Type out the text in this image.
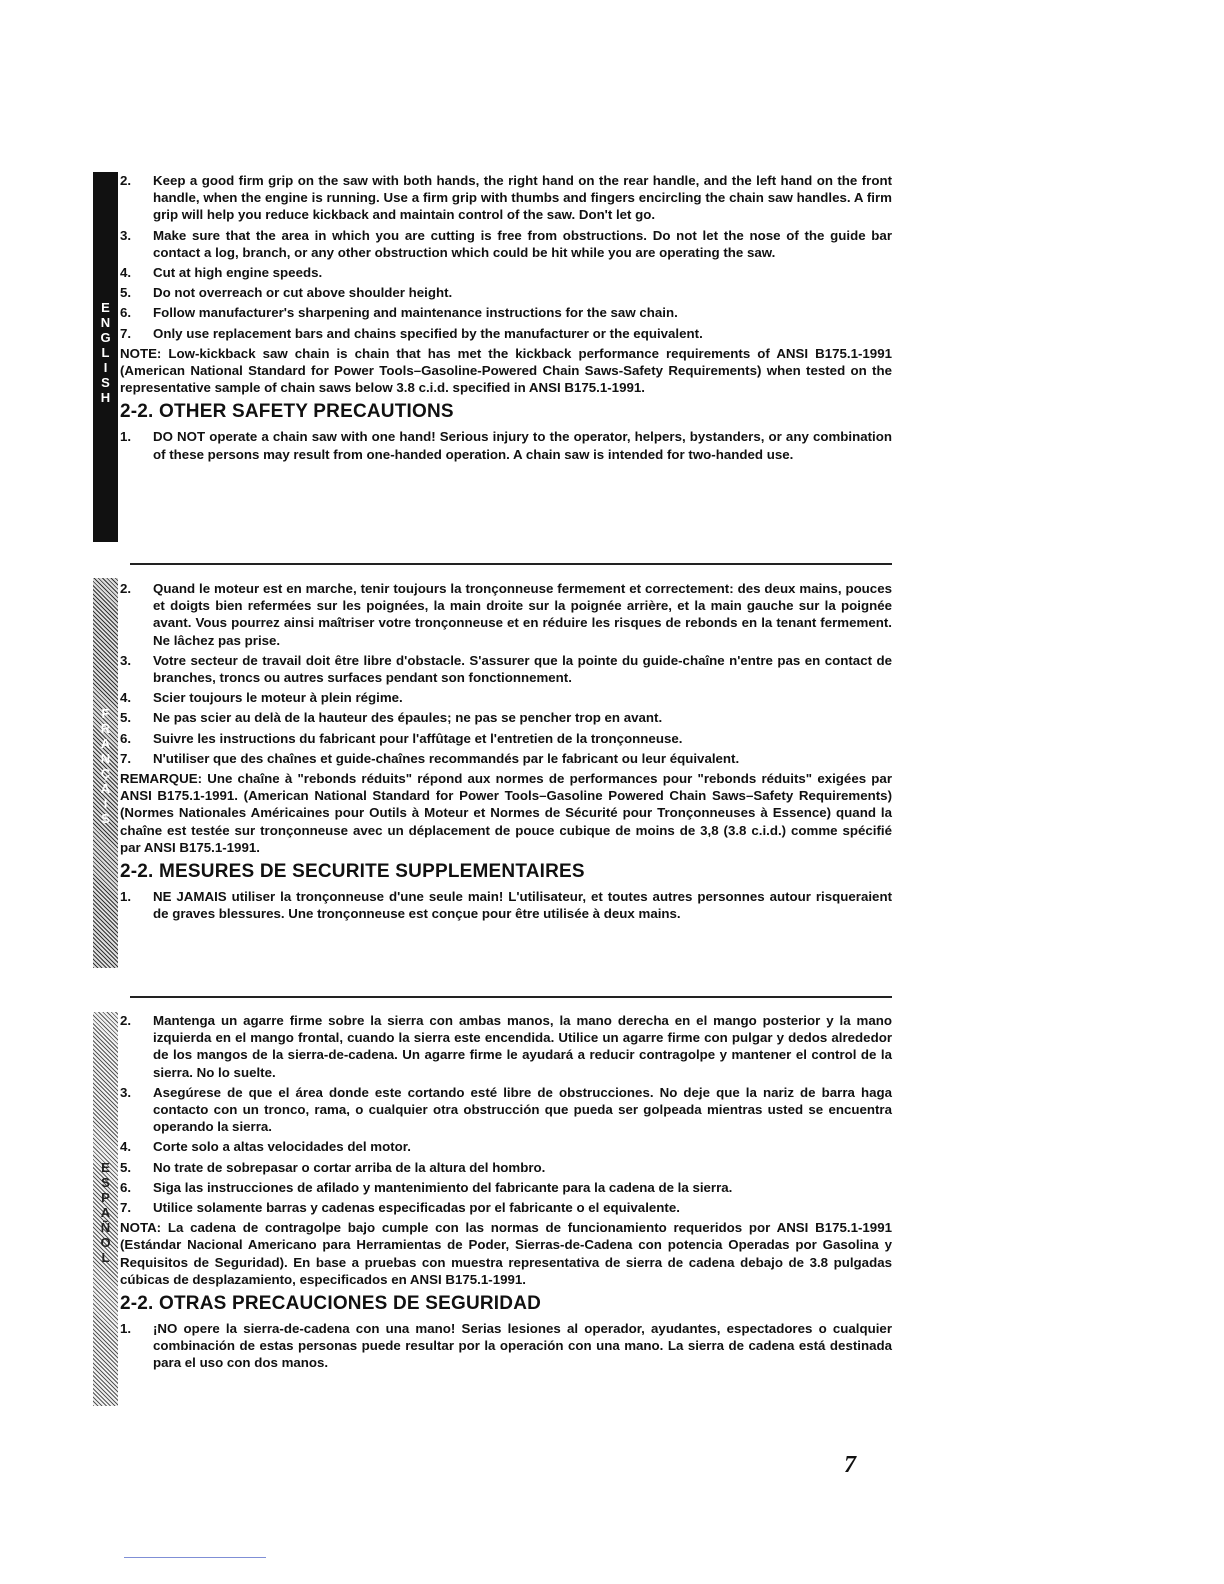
E
N
G
L
I
S
H
F
R
A
N
Ç
A
I
S
E
S
P
A
Ñ
O
L
2. Keep a good firm grip on the saw with both hands, the right hand on the rear handle, and the left hand on the front handle, when the engine is running. Use a firm grip with thumbs and fingers encircling the chain saw handles. A firm grip will help you reduce kickback and maintain control of the saw. Don't let go.
3. Make sure that the area in which you are cutting is free from obstructions. Do not let the nose of the guide bar contact a log, branch, or any other obstruction which could be hit while you are operating the saw.
4. Cut at high engine speeds.
5. Do not overreach or cut above shoulder height.
6. Follow manufacturer's sharpening and maintenance instructions for the saw chain.
7. Only use replacement bars and chains specified by the manufacturer or the equivalent.
NOTE: Low-kickback saw chain is chain that has met the kickback performance requirements of ANSI B175.1-1991 (American National Standard for Power Tools–Gasoline-Powered Chain Saws-Safety Requirements) when tested on the representative sample of chain saws below 3.8 c.i.d. specified in ANSI B175.1-1991.
2-2. OTHER SAFETY PRECAUTIONS
1. DO NOT operate a chain saw with one hand! Serious injury to the operator, helpers, bystanders, or any combination of these persons may result from one-handed operation. A chain saw is intended for two-handed use.
2. Quand le moteur est en marche, tenir toujours la tronçonneuse fermement et correctement: des deux mains, pouces et doigts bien refermées sur les poignées, la main droite sur la poignée arrière, et la main gauche sur la poignée avant. Vous pourrez ainsi maîtriser votre tronçonneuse et en réduire les risques de rebonds en la tenant fermement. Ne lâchez pas prise.
3. Votre secteur de travail doit être libre d'obstacle. S'assurer que la pointe du guide-chaîne n'entre pas en contact de branches, troncs ou autres surfaces pendant son fonctionnement.
4. Scier toujours le moteur à plein régime.
5. Ne pas scier au delà de la hauteur des épaules; ne pas se pencher trop en avant.
6. Suivre les instructions du fabricant pour l'affûtage et l'entretien de la tronçonneuse.
7. N'utiliser que des chaînes et guide-chaînes recommandés par le fabricant ou leur équivalent.
REMARQUE: Une chaîne à "rebonds réduits" répond aux normes de performances pour "rebonds réduits" exigées par ANSI B175.1-1991. (American National Standard for Power Tools–Gasoline Powered Chain Saws–Safety Requirements) (Normes Nationales Américaines pour Outils à Moteur et Normes de Sécurité pour Tronçonneuses à Essence) quand la chaîne est testée sur tronçonneuse avec un déplacement de pouce cubique de moins de 3,8 (3.8 c.i.d.) comme spécifié par ANSI B175.1-1991.
2-2. MESURES DE SECURITE SUPPLEMENTAIRES
1. NE JAMAIS utiliser la tronçonneuse d'une seule main! L'utilisateur, et toutes autres personnes autour risqueraient de graves blessures. Une tronçonneuse est conçue pour être utilisée à deux mains.
2. Mantenga un agarre firme sobre la sierra con ambas manos, la mano derecha en el mango posterior y la mano izquierda en el mango frontal, cuando la sierra este encendida. Utilice un agarre firme con pulgar y dedos alrededor de los mangos de la sierra-de-cadena. Un agarre firme le ayudará a reducir contragolpe y mantener el control de la sierra. No lo suelte.
3. Asegúrese de que el área donde este cortando esté libre de obstrucciones. No deje que la nariz de barra haga contacto con un tronco, rama, o cualquier otra obstrucción que pueda ser golpeada mientras usted se encuentra operando la sierra.
4. Corte solo a altas velocidades del motor.
5. No trate de sobrepasar o cortar arriba de la altura del hombro.
6. Siga las instrucciones de afilado y mantenimiento del fabricante para la cadena de la sierra.
7. Utilice solamente barras y cadenas especificadas por el fabricante o el equivalente.
NOTA: La cadena de contragolpe bajo cumple con las normas de funcionamiento requeridos por ANSI B175.1-1991 (Estándar Nacional Americano para Herramientas de Poder, Sierras-de-Cadena con potencia Operadas por Gasolina y Requisitos de Seguridad). En base a pruebas con muestra representativa de sierra de cadena debajo de 3.8 pulgadas cúbicas de desplazamiento, especificados en ANSI B175.1-1991.
2-2. OTRAS PRECAUCIONES DE SEGURIDAD
1. ¡NO opere la sierra-de-cadena con una mano! Serias lesiones al operador, ayudantes, espectadores o cualquier combinación de estas personas puede resultar por la operación con una mano. La sierra de cadena está destinada para el uso con dos manos.
7
